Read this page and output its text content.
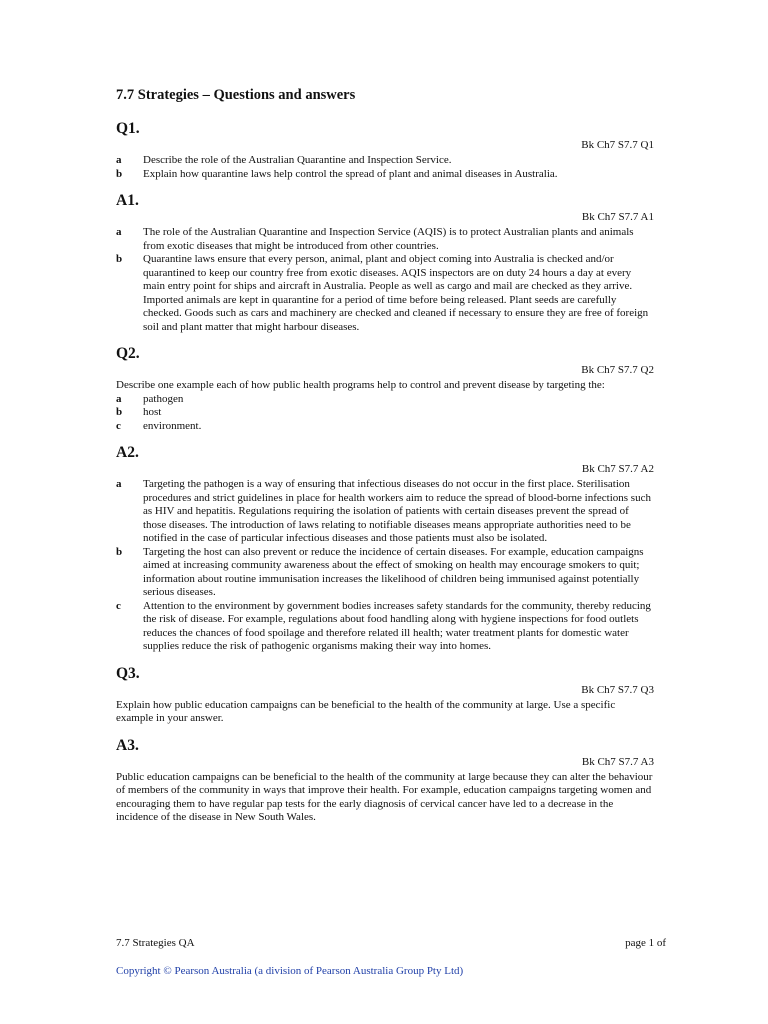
7.7 Strategies – Questions and answers
Q1.
Bk Ch7 S7.7 Q1
a	Describe the role of the Australian Quarantine and Inspection Service.
b	Explain how quarantine laws help control the spread of plant and animal diseases in Australia.
A1.
Bk Ch7 S7.7 A1
a	The role of the Australian Quarantine and Inspection Service (AQIS) is to protect Australian plants and animals from exotic diseases that might be introduced from other countries.
b	Quarantine laws ensure that every person, animal, plant and object coming into Australia is checked and/or quarantined to keep our country free from exotic diseases. AQIS inspectors are on duty 24 hours a day at every main entry point for ships and aircraft in Australia. People as well as cargo and mail are checked as they arrive. Imported animals are kept in quarantine for a period of time before being released. Plant seeds are carefully checked. Goods such as cars and machinery are checked and cleaned if necessary to ensure they are free of foreign soil and plant matter that might harbour diseases.
Q2.
Bk Ch7 S7.7 Q2

Describe one example each of how public health programs help to control and prevent disease by targeting the:

a	pathogen
b	host
c	environment.
A2.
Bk Ch7 S7.7 A2
a	Targeting the pathogen is a way of ensuring that infectious diseases do not occur in the first place. Sterilisation procedures and strict guidelines in place for health workers aim to reduce the spread of blood-borne infections such as HIV and hepatitis. Regulations requiring the isolation of patients with certain diseases prevent the spread of those diseases. The introduction of laws relating to notifiable diseases means appropriate authorities need to be notified in the case of particular infectious diseases and those patients must also be isolated.
b	Targeting the host can also prevent or reduce the incidence of certain diseases. For example, education campaigns aimed at increasing community awareness about the effect of smoking on health may encourage smokers to quit; information about routine immunisation increases the likelihood of children being immunised against potentially serious diseases.
c	Attention to the environment by government bodies increases safety standards for the community, thereby reducing the risk of disease. For example, regulations about food handling along with hygiene inspections for food outlets reduces the chances of food spoilage and therefore related ill health; water treatment plants for domestic water supplies reduce the risk of pathogenic organisms making their way into homes.
Q3.
Bk Ch7 S7.7 Q3

Explain how public education campaigns can be beneficial to the health of the community at large. Use a specific example in your answer.

A3.
Bk Ch7 S7.7 A3

Public education campaigns can be beneficial to the health of the community at large because they can alter the behaviour of members of the community in ways that improve their health. For example, education campaigns targeting women and encouraging them to have regular pap tests for the early diagnosis of cervical cancer have led to a decrease in the incidence of the disease in New South Wales.

7.7 Strategies QA	page 1 of
Copyright © Pearson Australia (a division of Pearson Australia Group Pty Ltd)
